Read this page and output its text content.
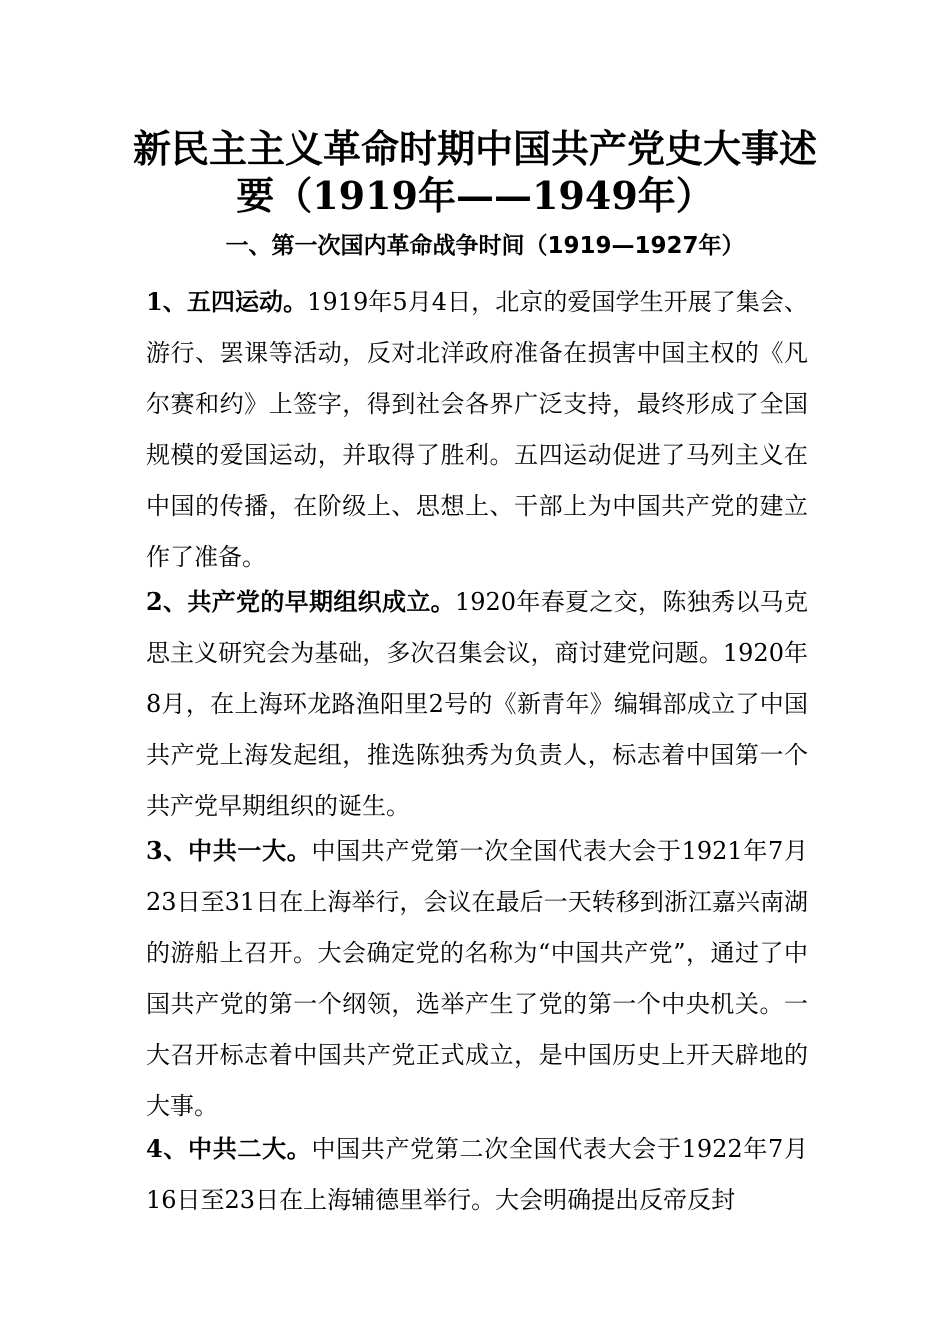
新民主主义革命时期中国共产党史大事述
要（1919年——1949年）
一、第一次国内革命战争时间（1919—1927年）

1、五四运动。1919年5月4日，北京的爱国学生开展了集会、游行、罢课等活动，反对北洋政府准备在损害中国主权的《凡尔赛和约》上签字，得到社会各界广泛支持，最终形成了全国规模的爱国运动，并取得了胜利。五四运动促进了马列主义在中国的传播，在阶级上、思想上、干部上为中国共产党的建立作了准备。

2、共产党的早期组织成立。1920年春夏之交，陈独秀以马克思主义研究会为基础，多次召集会议，商讨建党问题。1920年8月，在上海环龙路渔阳里2号的《新青年》编辑部成立了中国共产党上海发起组，推选陈独秀为负责人，标志着中国第一个共产党早期组织的诞生。

3、中共一大。中国共产党第一次全国代表大会于1921年7月23日至31日在上海举行，会议在最后一天转移到浙江嘉兴南湖的游船上召开。大会确定党的名称为“中国共产党”，通过了中国共产党的第一个纲领，选举产生了党的第一个中央机关。一大召开标志着中国共产党正式成立，是中国历史上开天辟地的大事。

4、中共二大。中国共产党第二次全国代表大会于1922年7月16日至23日在上海辅德里举行。大会明确提出反帝反封
